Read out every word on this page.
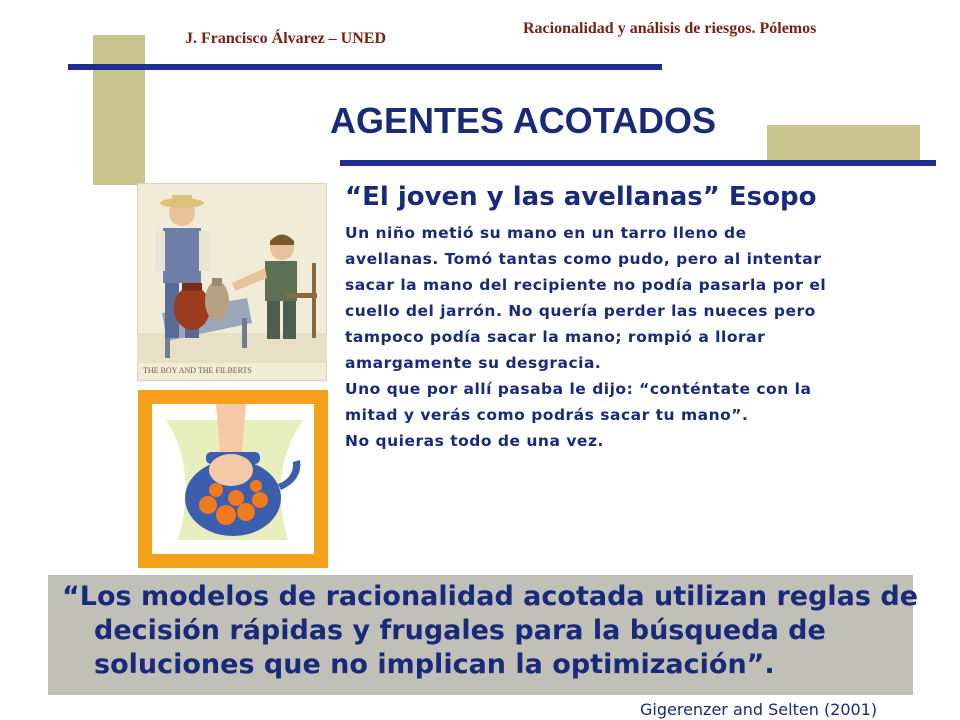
J. Francisco Álvarez – UNED
Racionalidad y análisis de riesgos. Pólemos
AGENTES ACOTADOS
THE BOY AND THE FILBERTS
“El joven y las avellanas” Esopo
Un niño metió su mano en un tarro lleno de
avellanas. Tomó tantas como pudo, pero al intentar
sacar la mano del recipiente no podía pasarla por el
cuello del jarrón. No quería perder las nueces pero
tampoco podía sacar la mano; rompió a llorar
amargamente su desgracia.
Uno que por allí pasaba le dijo: “conténtate con la
mitad y verás como podrás sacar tu mano”.
No quieras todo de una vez.
“Los modelos de racionalidad acotada utilizan reglas de decisión rápidas y frugales para la búsqueda de soluciones que no implican la optimización”.
Gigerenzer and Selten (2001)
